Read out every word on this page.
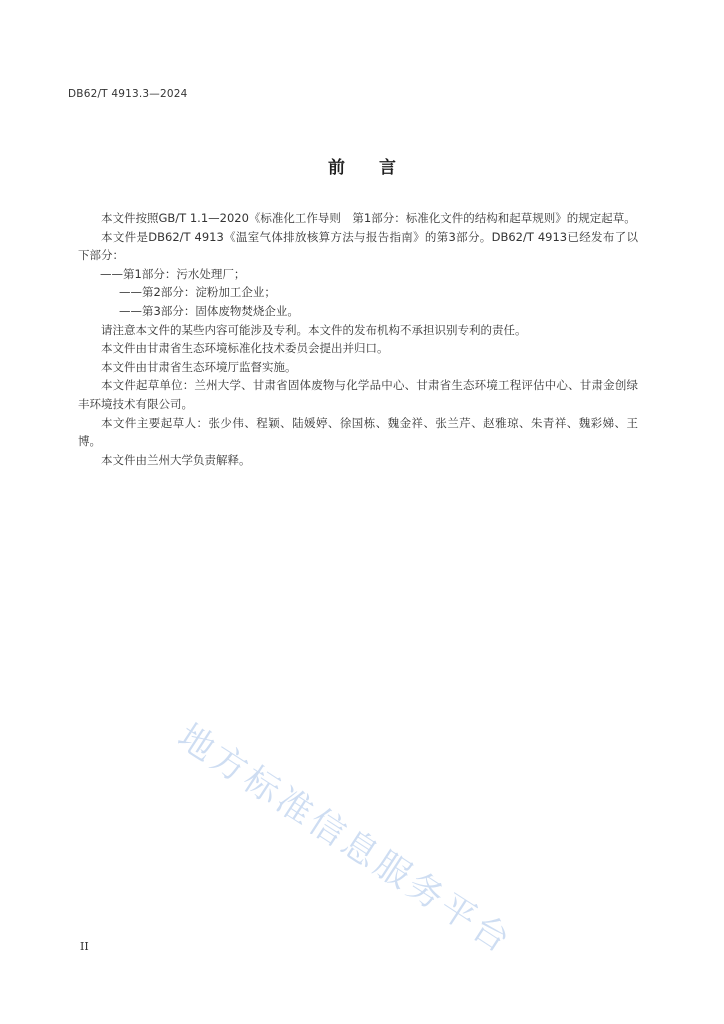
DB62/T 4913.3—2024
前言

本文件按照GB/T 1.1—2020《标准化工作导则　第1部分：标准化文件的结构和起草规则》的规定起草。

本文件是DB62/T 4913《温室气体排放核算方法与报告指南》的第3部分。DB62/T 4913已经发布了以下部分：

——第1部分：污水处理厂；

——第2部分：淀粉加工企业；

——第3部分：固体废物焚烧企业。

请注意本文件的某些内容可能涉及专利。本文件的发布机构不承担识别专利的责任。

本文件由甘肃省生态环境标准化技术委员会提出并归口。

本文件由甘肃省生态环境厅监督实施。

本文件起草单位：兰州大学、甘肃省固体废物与化学品中心、甘肃省生态环境工程评估中心、甘肃金创绿丰环境技术有限公司。

本文件主要起草人：张少伟、程颖、陆媛婷、徐国栋、魏金祥、张兰芹、赵雅琼、朱青祥、魏彩娣、王博。

本文件由兰州大学负责解释。

地方标准信息服务平台
II
